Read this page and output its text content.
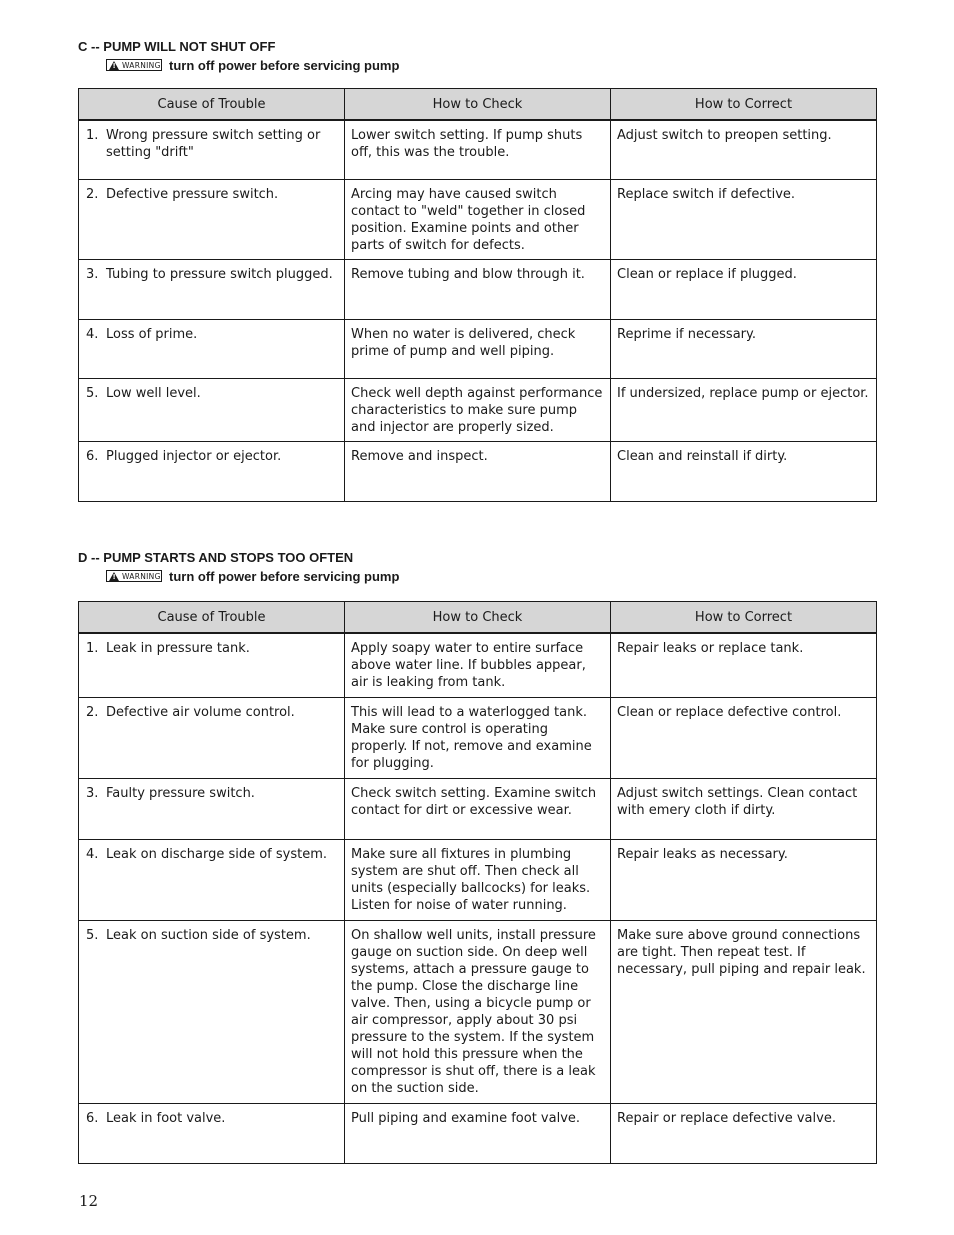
C -- PUMP WILL NOT SHUT OFF
!
WARNING turn off power before servicing pump
Cause of Trouble	How to Check	How to Correct

1. Wrong pressure switch setting or setting "drift"	Lower switch setting. If pump shuts off, this was the trouble.	Adjust switch to preopen setting.

2. Defective pressure switch.	Arcing may have caused switch contact to "weld" together in closed position. Examine points and other parts of switch for defects.	Replace switch if defective.

3. Tubing to pressure switch plugged.	Remove tubing and blow through it.	Clean or replace if plugged.

4. Loss of prime.	When no water is delivered, check prime of pump and well piping.	Reprime if necessary.

5. Low well level.	Check well depth against performance characteristics to make sure pump and injector are properly sized.	If undersized, replace pump or ejector.

6. Plugged injector or ejector.	Remove and inspect.	Clean and reinstall if dirty.
D -- PUMP STARTS AND STOPS TOO OFTEN
!
WARNING turn off power before servicing pump
Cause of Trouble	How to Check	How to Correct

1. Leak in pressure tank.	Apply soapy water to entire surface above water line. If bubbles appear, air is leaking from tank.	Repair leaks or replace tank.

2. Defective air volume control.	This will lead to a waterlogged tank. Make sure control is operating properly. If not, remove and examine for plugging.	Clean or replace defective control.

3. Faulty pressure switch.	Check switch setting. Examine switch contact for dirt or excessive wear.	Adjust switch settings. Clean contact with emery cloth if dirty.

4. Leak on discharge side of system.	Make sure all fixtures in plumbing system are shut off. Then check all units (especially ballcocks) for leaks. Listen for noise of water running.	Repair leaks as necessary.

5. Leak on suction side of system.	On shallow well units, install pressure gauge on suction side. On deep well systems, attach a pressure gauge to the pump. Close the discharge line valve. Then, using a bicycle pump or air compressor, apply about 30 psi pressure to the system. If the system will not hold this pressure when the compressor is shut off, there is a leak on the suction side.	Make sure above ground connections are tight. Then repeat test. If necessary, pull piping and repair leak.

6. Leak in foot valve.	Pull piping and examine foot valve.	Repair or replace defective valve.
12
